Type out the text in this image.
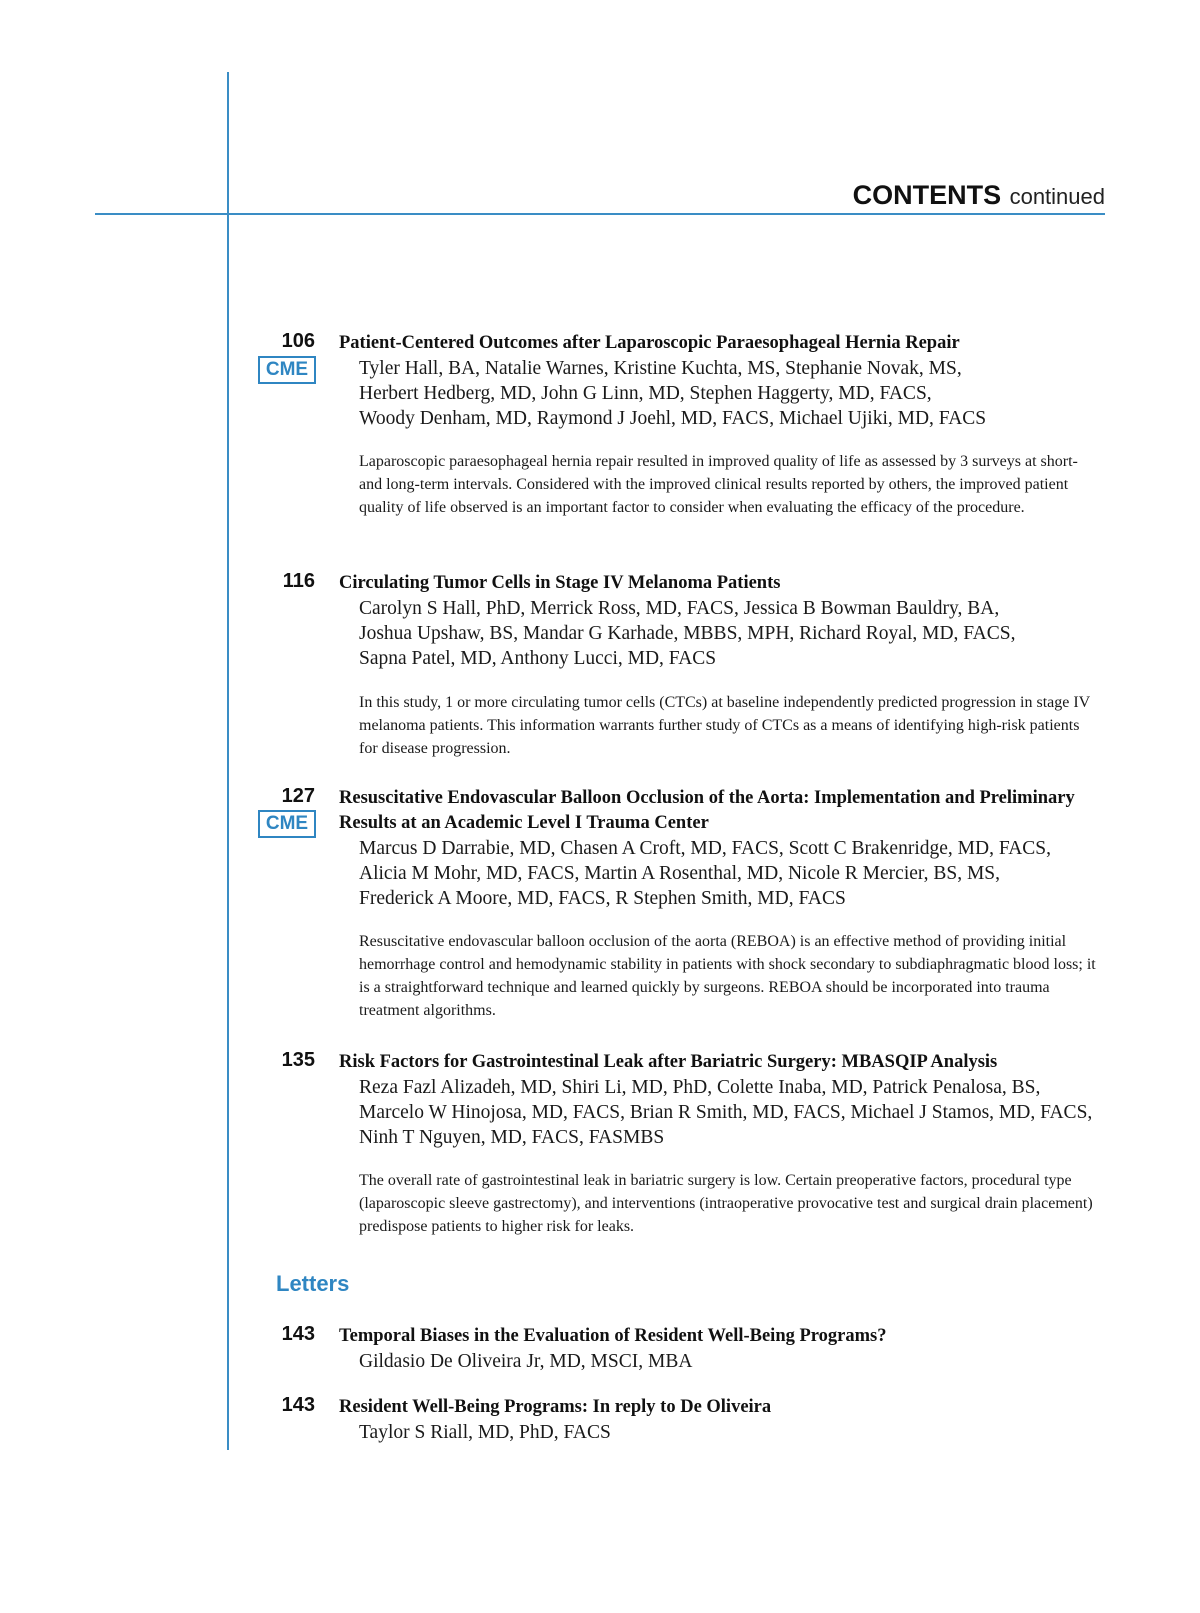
CONTENTS continued
106
CME
Patient-Centered Outcomes after Laparoscopic Paraesophageal Hernia Repair
Tyler Hall, BA, Natalie Warnes, Kristine Kuchta, MS, Stephanie Novak, MS,
Herbert Hedberg, MD, John G Linn, MD, Stephen Haggerty, MD, FACS,
Woody Denham, MD, Raymond J Joehl, MD, FACS, Michael Ujiki, MD, FACS
Laparoscopic paraesophageal hernia repair resulted in improved quality of life as assessed by 3 surveys at short- and long-term intervals. Considered with the improved clinical results reported by others, the improved patient quality of life observed is an important factor to consider when evaluating the efficacy of the procedure.
116 Circulating Tumor Cells in Stage IV Melanoma Patients
Carolyn S Hall, PhD, Merrick Ross, MD, FACS, Jessica B Bowman Bauldry, BA,
Joshua Upshaw, BS, Mandar G Karhade, MBBS, MPH, Richard Royal, MD, FACS,
Sapna Patel, MD, Anthony Lucci, MD, FACS
In this study, 1 or more circulating tumor cells (CTCs) at baseline independently predicted progression in stage IV melanoma patients. This information warrants further study of CTCs as a means of identifying high-risk patients for disease progression.
127
CME
Resuscitative Endovascular Balloon Occlusion of the Aorta: Implementation and Preliminary Results at an Academic Level I Trauma Center
Marcus D Darrabie, MD, Chasen A Croft, MD, FACS, Scott C Brakenridge, MD, FACS,
Alicia M Mohr, MD, FACS, Martin A Rosenthal, MD, Nicole R Mercier, BS, MS,
Frederick A Moore, MD, FACS, R Stephen Smith, MD, FACS
Resuscitative endovascular balloon occlusion of the aorta (REBOA) is an effective method of providing initial hemorrhage control and hemodynamic stability in patients with shock secondary to subdiaphragmatic blood loss; it is a straightforward technique and learned quickly by surgeons. REBOA should be incorporated into trauma treatment algorithms.
135 Risk Factors for Gastrointestinal Leak after Bariatric Surgery: MBASQIP Analysis
Reza Fazl Alizadeh, MD, Shiri Li, MD, PhD, Colette Inaba, MD, Patrick Penalosa, BS,
Marcelo W Hinojosa, MD, FACS, Brian R Smith, MD, FACS, Michael J Stamos, MD, FACS,
Ninh T Nguyen, MD, FACS, FASMBS
The overall rate of gastrointestinal leak in bariatric surgery is low. Certain preoperative factors, procedural type (laparoscopic sleeve gastrectomy), and interventions (intraoperative provocative test and surgical drain placement) predispose patients to higher risk for leaks.
Letters
143 Temporal Biases in the Evaluation of Resident Well-Being Programs?
Gildasio De Oliveira Jr, MD, MSCI, MBA
143 Resident Well-Being Programs: In reply to De Oliveira
Taylor S Riall, MD, PhD, FACS
